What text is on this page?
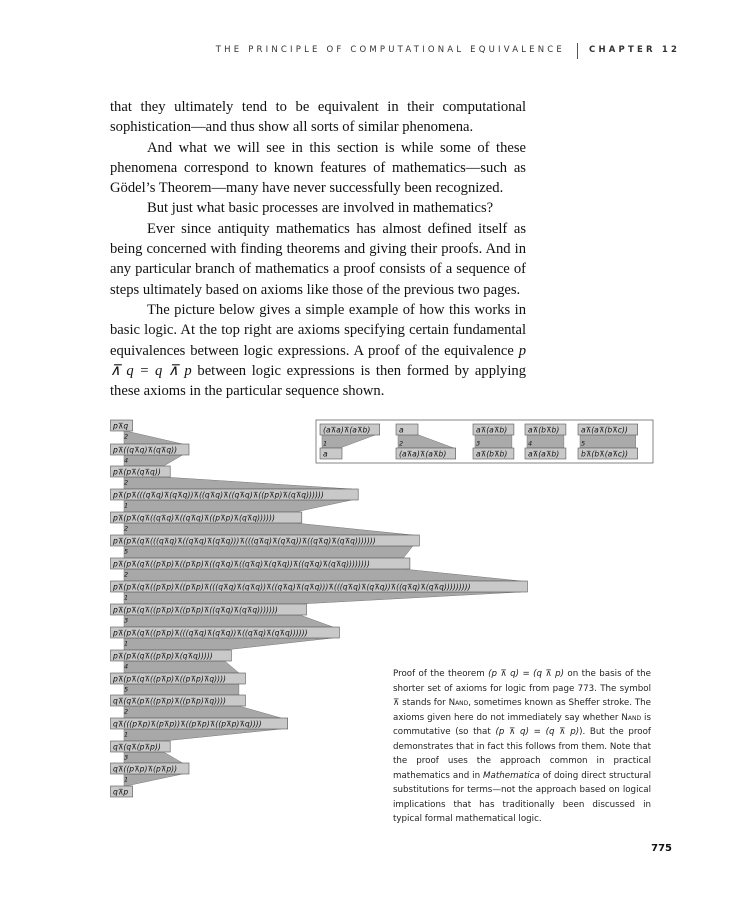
THE PRINCIPLE OF COMPUTATIONAL EQUIVALENCE	CHAPTER 12

that they ultimately tend to be equivalent in their computational sophistication—and thus show all sorts of similar phenomena.

And what we will see in this section is while some of these phenomena correspond to known features of mathematics—such as Gödel’s Theorem—many have never successfully been recognized.

But just what basic processes are involved in mathematics?

Ever since antiquity mathematics has almost defined itself as being concerned with finding theorems and giving their proofs. And in any particular branch of mathematics a proof consists of a sequence of steps ultimately based on axioms like those of the previous two pages.

The picture below gives a simple example of how this works in basic logic. At the top right are axioms specifying certain fundamental equivalences between logic expressions. A proof of the equivalence p ⊼ q = q ⊼ p between logic expressions is then formed by applying these axioms in the particular sequence shown.

(a⊼a)⊼(a⊼b)
1
a
a
2
(a⊼a)⊼(a⊼b)
a⊼(a⊼b)
3
a⊼(b⊼b)
a⊼(b⊼b)
4
a⊼(a⊼b)
a⊼(a⊼(b⊼c))
5
b⊼(b⊼(a⊼c))
2
p⊼q
4
p⊼((q⊼q)⊼(q⊼q))
2
p⊼(p⊼(q⊼q))
1
p⊼(p⊼(((q⊼q)⊼(q⊼q))⊼((q⊼q)⊼((q⊼q)⊼((p⊼p)⊼(q⊼q))))))
2
p⊼(p⊼(q⊼((q⊼q)⊼((q⊼q)⊼((p⊼p)⊼(q⊼q))))))
5
p⊼(p⊼(q⊼(((q⊼q)⊼((q⊼q)⊼(q⊼q)))⊼(((q⊼q)⊼(q⊼q))⊼((q⊼q)⊼(q⊼q)))))))
2
p⊼(p⊼(q⊼((p⊼p)⊼((p⊼p)⊼((q⊼q)⊼((q⊼q)⊼(q⊼q))⊼((q⊼q)⊼(q⊼q))))))))
1
p⊼(p⊼(q⊼((p⊼p)⊼((p⊼p)⊼(((q⊼q)⊼(q⊼q))⊼((q⊼q)⊼(q⊼q)))⊼(((q⊼q)⊼(q⊼q))⊼((q⊼q)⊼(q⊼q)))))))))
3
p⊼(p⊼(q⊼((p⊼p)⊼((p⊼p)⊼((q⊼q)⊼(q⊼q)))))))
1
p⊼(p⊼(q⊼((p⊼p)⊼(((q⊼q)⊼(q⊼q))⊼((q⊼q)⊼(q⊼q))))))
4
p⊼(p⊼(q⊼((p⊼p)⊼(q⊼q)))))
5
p⊼(p⊼(q⊼((p⊼p)⊼((p⊼p)⊼q))))
2
q⊼(q⊼(p⊼((p⊼p)⊼((p⊼p)⊼q))))
1
q⊼(((p⊼p)⊼(p⊼p))⊼((p⊼p)⊼((p⊼p)⊼q))))
3
q⊼(q⊼(p⊼p))
1
q⊼((p⊼p)⊼(p⊼p))
q⊼p
Proof of the theorem (p ⊼ q) = (q ⊼ p) on the basis of the shorter set of axioms for logic from page 773. The symbol ⊼ stands for Nand, sometimes known as Sheffer stroke. The axioms given here do not immediately say whether Nand is commutative (so that (p ⊼ q) = (q ⊼ p)). But the proof demonstrates that in fact this follows from them. Note that the proof uses the approach common in practical mathematics and in Mathematica of doing direct structural substitutions for terms—not the approach based on logical implications that has traditionally been discussed in typical formal mathematical logic.
775
